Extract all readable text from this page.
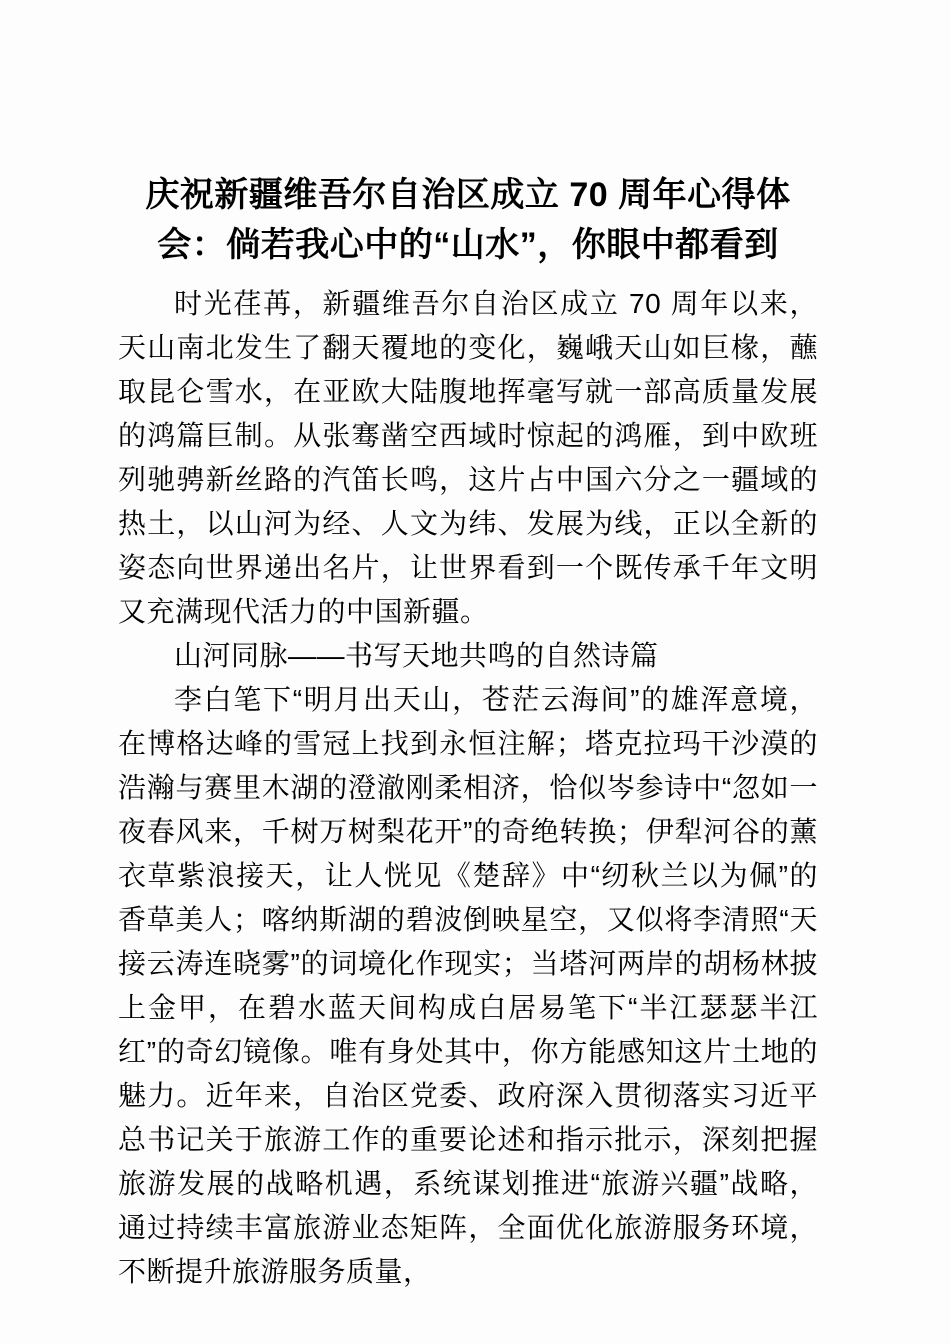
庆祝新疆维吾尔自治区成立 70 周年心得体
会：倘若我心中的“山水”，你眼中都看到

时光荏苒，新疆维吾尔自治区成立 70 周年以来，天山南北发生了翻天覆地的变化，巍峨天山如巨椽，蘸取昆仑雪水，在亚欧大陆腹地挥毫写就一部高质量发展的鸿篇巨制。从张骞凿空西域时惊起的鸿雁，到中欧班列驰骋新丝路的汽笛长鸣，这片占中国六分之一疆域的热土，以山河为经、人文为纬、发展为线，正以全新的姿态向世界递出名片，让世界看到一个既传承千年文明又充满现代活力的中国新疆。

山河同脉——书写天地共鸣的自然诗篇

李白笔下“明月出天山，苍茫云海间”的雄浑意境，在博格达峰的雪冠上找到永恒注解；塔克拉玛干沙漠的浩瀚与赛里木湖的澄澈刚柔相济，恰似岑参诗中“忽如一夜春风来，千树万树梨花开”的奇绝转换；伊犁河谷的薰衣草紫浪接天，让人恍见《楚辞》中“纫秋兰以为佩”的香草美人；喀纳斯湖的碧波倒映星空，又似将李清照“天接云涛连晓雾”的词境化作现实；当塔河两岸的胡杨林披上金甲，在碧水蓝天间构成白居易笔下“半江瑟瑟半江红”的奇幻镜像。唯有身处其中，你方能感知这片土地的魅力。近年来，自治区党委、政府深入贯彻落实习近平总书记关于旅游工作的重要论述和指示批示，深刻把握旅游发展的战略机遇，系统谋划推进“旅游兴疆”战略，通过持续丰富旅游业态矩阵，全面优化旅游服务环境，不断提升旅游服务质量，
